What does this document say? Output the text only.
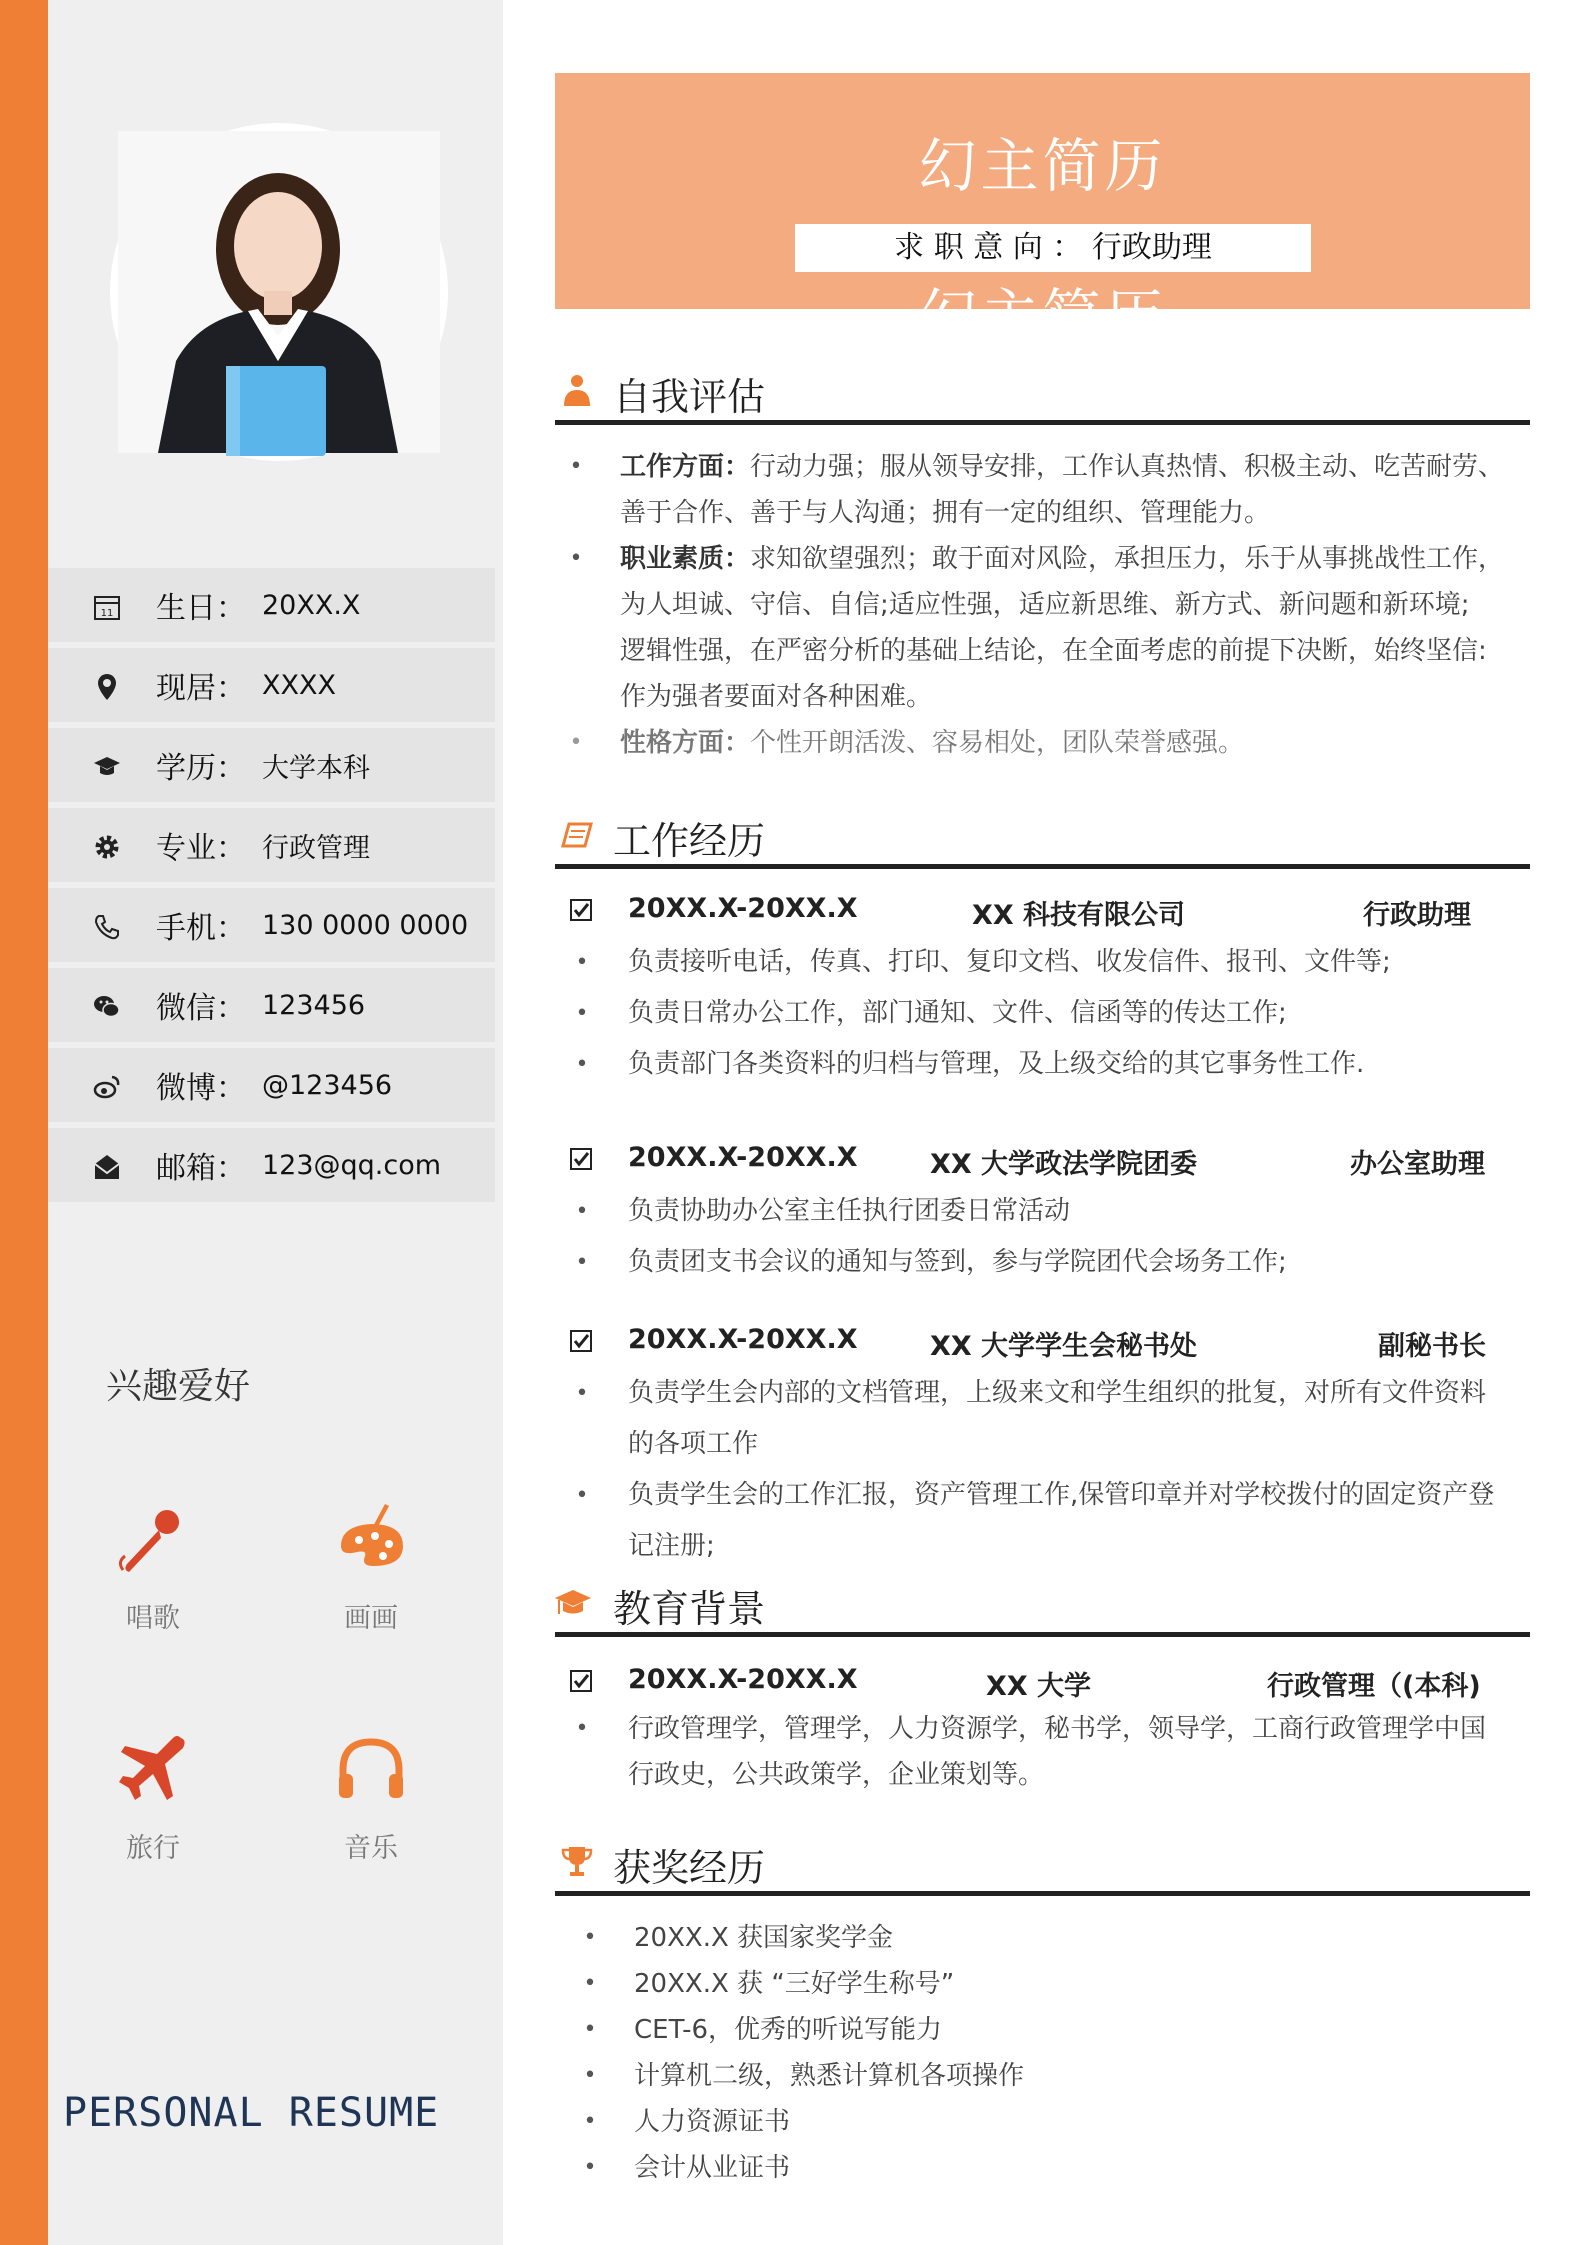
11 生日： 20XX.X
现居： XXXX
学历： 大学本科
专业： 行政管理
手机： 130 0000 0000
微信： 123456
微博： @123456
邮箱： 123@qq.com
兴趣爱好
唱歌	画画
旅行	音乐
PERSONAL RESUME
幻主简历
幻主简历
求 职 意 向 ： 行政助理
自我评估
• 工作方面：行动力强；服从领导安排，工作认真热情、积极主动、吃苦耐劳、
善于合作、善于与人沟通；拥有一定的组织、管理能力。
• 职业素质：求知欲望强烈；敢于面对风险，承担压力，乐于从事挑战性工作，
为人坦诚、守信、自信;适应性强，适应新思维、新方式、新问题和新环境;
逻辑性强，在严密分析的基础上结论，在全面考虑的前提下决断，始终坚信:
作为强者要面对各种困难。
• 性格方面：个性开朗活泼、容易相处，团队荣誉感强。
工作经历
20XX.X-20XX.X	XX 科技有限公司	行政助理
• 负责接听电话，传真、打印、复印文档、收发信件、报刊、文件等;
• 负责日常办公工作，部门通知、文件、信函等的传达工作;
• 负责部门各类资料的归档与管理，及上级交给的其它事务性工作.
20XX.X-20XX.X	XX 大学政法学院团委	办公室助理
• 负责协助办公室主任执行团委日常活动
• 负责团支书会议的通知与签到，参与学院团代会场务工作;
20XX.X-20XX.X	XX 大学学生会秘书处	副秘书长
• 负责学生会内部的文档管理，上级来文和学生组织的批复，对所有文件资料
的各项工作
• 负责学生会的工作汇报，资产管理工作,保管印章并对学校拨付的固定资产登
记注册;
教育背景
20XX.X-20XX.X	XX 大学	行政管理（(本科)
• 行政管理学，管理学，人力资源学，秘书学，领导学，工商行政管理学中国
行政史，公共政策学，企业策划等。
获奖经历
• 20XX.X 获国家奖学金
• 20XX.X 获 “三好学生称号”
• CET-6，优秀的听说写能力
• 计算机二级，熟悉计算机各项操作
• 人力资源证书
• 会计从业证书
